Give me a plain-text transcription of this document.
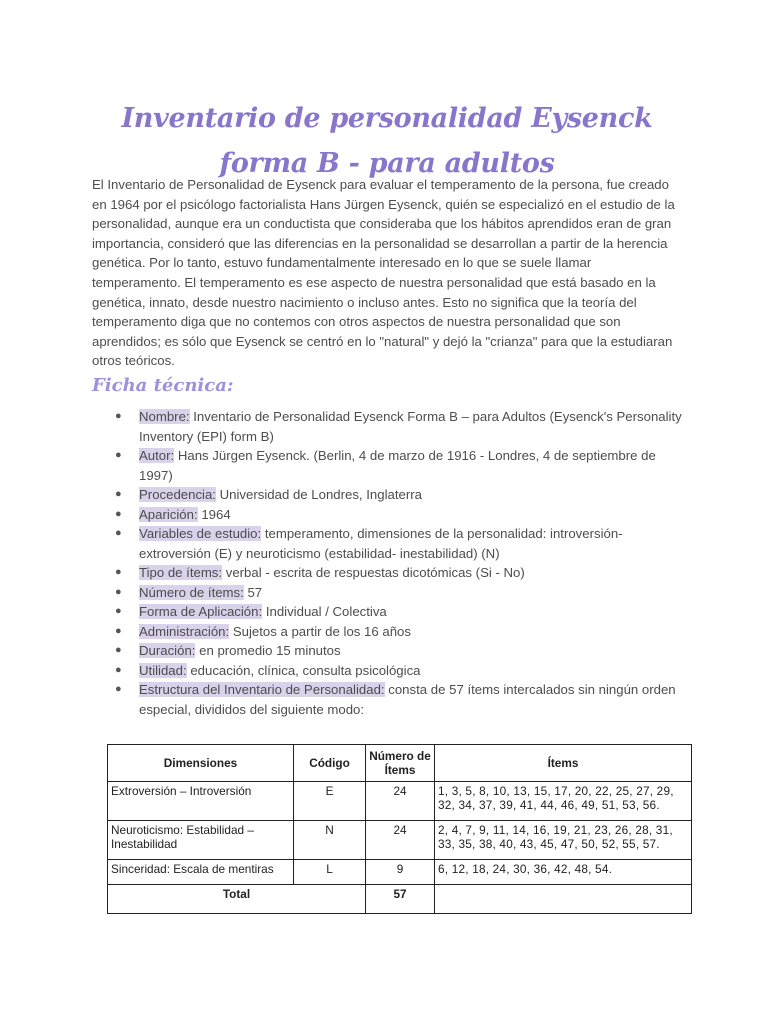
Inventario de personalidad Eysenck forma B - para adultos

El Inventario de Personalidad de Eysenck para evaluar el temperamento de la persona, fue creado en 1964 por el psicólogo factorialista Hans Jürgen Eysenck, quién se especializó en el estudio de la personalidad, aunque era un conductista que consideraba que los hábitos aprendidos eran de gran importancia, consideró que las diferencias en la personalidad se desarrollan a partir de la herencia genética. Por lo tanto, estuvo fundamentalmente interesado en lo que se suele llamar temperamento. El temperamento es ese aspecto de nuestra personalidad que está basado en la genética, innato, desde nuestro nacimiento o incluso antes. Esto no significa que la teoría del temperamento diga que no contemos con otros aspectos de nuestra personalidad que son aprendidos; es sólo que Eysenck se centró en lo "natural" y dejó la "crianza" para que la estudiaran otros teóricos.

Ficha técnica:
● Nombre: Inventario de Personalidad Eysenck Forma B – para Adultos (Eysenck's Personality Inventory (EPI) form B)
● Autor: Hans Jürgen Eysenck. (Berlin, 4 de marzo de 1916 - Londres, 4 de septiembre de 1997)
● Procedencia: Universidad de Londres, Inglaterra
● Aparición: 1964
● Variables de estudio: temperamento, dimensiones de la personalidad: introversión-extroversión (E) y neuroticismo (estabilidad- inestabilidad) (N)
● Tipo de ítems: verbal - escrita de respuestas dicotómicas (Si - No)
● Número de ítems: 57
● Forma de Aplicación: Individual / Colectiva
● Administración: Sujetos a partir de los 16 años
● Duración: en promedio 15 minutos
● Utilidad: educación, clínica, consulta psicológica
● Estructura del Inventario de Personalidad: consta de 57 ítems intercalados sin ningún orden especial, divididos del siguiente modo:
Dimensiones	Código	Número de Ítems	Ítems
Extroversión – Introversión	E	24	1, 3, 5, 8, 10, 13, 15, 17, 20, 22, 25, 27, 29, 32, 34, 37, 39, 41, 44, 46, 49, 51, 53, 56.
Neuroticismo: Estabilidad – Inestabilidad	N	24	2, 4, 7, 9, 11, 14, 16, 19, 21, 23, 26, 28, 31, 33, 35, 38, 40, 43, 45, 47, 50, 52, 55, 57.
Sinceridad: Escala de mentiras	L	9	6, 12, 18, 24, 30, 36, 42, 48, 54.
Total		57	
